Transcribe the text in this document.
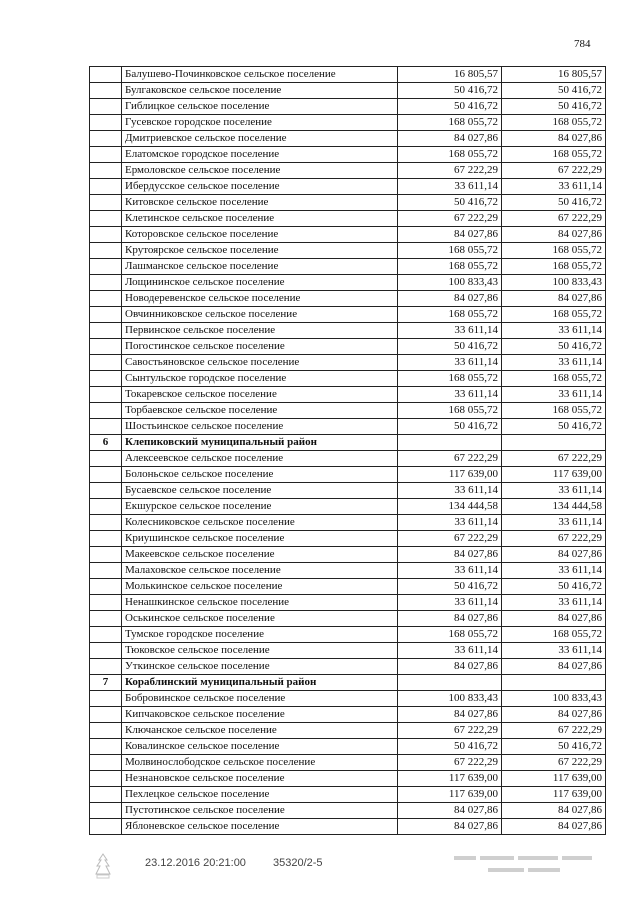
784
	Балушево-Починковское сельское поселение	16 805,57	16 805,57
	Булгаковское сельское поселение	50 416,72	50 416,72
	Гиблицкое сельское поселение	50 416,72	50 416,72
	Гусевское городское поселение	168 055,72	168 055,72
	Дмитриевское сельское поселение	84 027,86	84 027,86
	Елатомское городское поселение	168 055,72	168 055,72
	Ермоловское сельское поселение	67 222,29	67 222,29
	Ибердусское сельское поселение	33 611,14	33 611,14
	Китовское сельское поселение	50 416,72	50 416,72
	Клетинское сельское поселение	67 222,29	67 222,29
	Которовское сельское поселение	84 027,86	84 027,86
	Крутоярское сельское поселение	168 055,72	168 055,72
	Лашманское сельское поселение	168 055,72	168 055,72
	Лощининское сельское поселение	100 833,43	100 833,43
	Новодеревенское сельское поселение	84 027,86	84 027,86
	Овчинниковское сельское поселение	168 055,72	168 055,72
	Первинское сельское поселение	33 611,14	33 611,14
	Погостинское сельское поселение	50 416,72	50 416,72
	Савостьяновское сельское поселение	33 611,14	33 611,14
	Сынтульское городское поселение	168 055,72	168 055,72
	Токаревское сельское поселение	33 611,14	33 611,14
	Торбаевское сельское поселение	168 055,72	168 055,72
	Шостьинское сельское поселение	50 416,72	50 416,72
6	Клепиковский муниципальный район		
	Алексеевское сельское поселение	67 222,29	67 222,29
	Болоньское сельское поселение	117 639,00	117 639,00
	Бусаевское сельское поселение	33 611,14	33 611,14
	Екшурское сельское поселение	134 444,58	134 444,58
	Колесниковское сельское поселение	33 611,14	33 611,14
	Криушинское сельское поселение	67 222,29	67 222,29
	Макеевское сельское поселение	84 027,86	84 027,86
	Малаховское сельское поселение	33 611,14	33 611,14
	Молькинское сельское поселение	50 416,72	50 416,72
	Ненашкинское сельское поселение	33 611,14	33 611,14
	Оськинское сельское поселение	84 027,86	84 027,86
	Тумское городское поселение	168 055,72	168 055,72
	Тюковское сельское поселение	33 611,14	33 611,14
	Уткинское сельское поселение	84 027,86	84 027,86
7	Кораблинский муниципальный район		
	Бобровинское сельское поселение	100 833,43	100 833,43
	Кипчаковское сельское поселение	84 027,86	84 027,86
	Ключанское сельское поселение	67 222,29	67 222,29
	Ковалинское сельское поселение	50 416,72	50 416,72
	Молвинослободское сельское поселение	67 222,29	67 222,29
	Незнановское сельское поселение	117 639,00	117 639,00
	Пехлецкое сельское поселение	117 639,00	117 639,00
	Пустотинское сельское поселение	84 027,86	84 027,86
	Яблоневское сельское поселение	84 027,86	84 027,86
23.12.2016 20:21:00 35320/2-5
